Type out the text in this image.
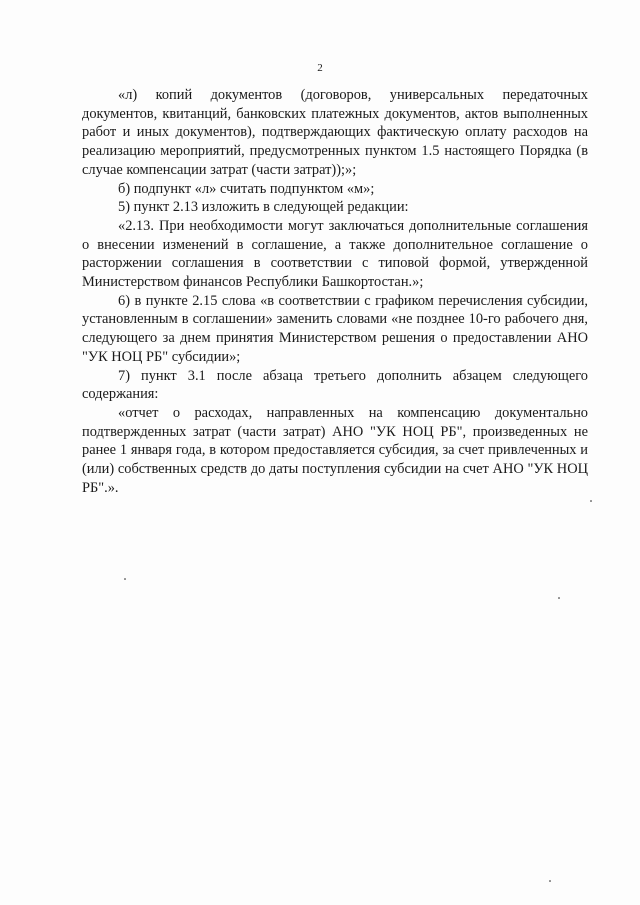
2

«л) копий документов (договоров, универсальных передаточных документов, квитанций, банковских платежных документов, актов выполненных работ и иных документов), подтверждающих фактическую оплату расходов на реализацию мероприятий, предусмотренных пунктом 1.5 настоящего Порядка (в случае компенсации затрат (части затрат));»;

б) подпункт «л» считать подпунктом «м»;

5) пункт 2.13 изложить в следующей редакции:

«2.13. При необходимости могут заключаться дополнительные соглашения о внесении изменений в соглашение, а также дополнительное соглашение о расторжении соглашения в соответствии с типовой формой, утвержденной Министерством финансов Республики Башкортостан.»;

6) в пункте 2.15 слова «в соответствии с графиком перечисления субсидии, установленным в соглашении» заменить словами «не позднее 10-го рабочего дня, следующего за днем принятия Министерством решения о предоставлении АНО "УК НОЦ РБ" субсидии»;

7) пункт 3.1 после абзаца третьего дополнить абзацем следующего содержания:

«отчет о расходах, направленных на компенсацию документально подтвержденных затрат (части затрат) АНО "УК НОЦ РБ", произведенных не ранее 1 января года, в котором предоставляется субсидия, за счет привлеченных и (или) собственных средств до даты поступления субсидии на счет АНО "УК НОЦ РБ".».
